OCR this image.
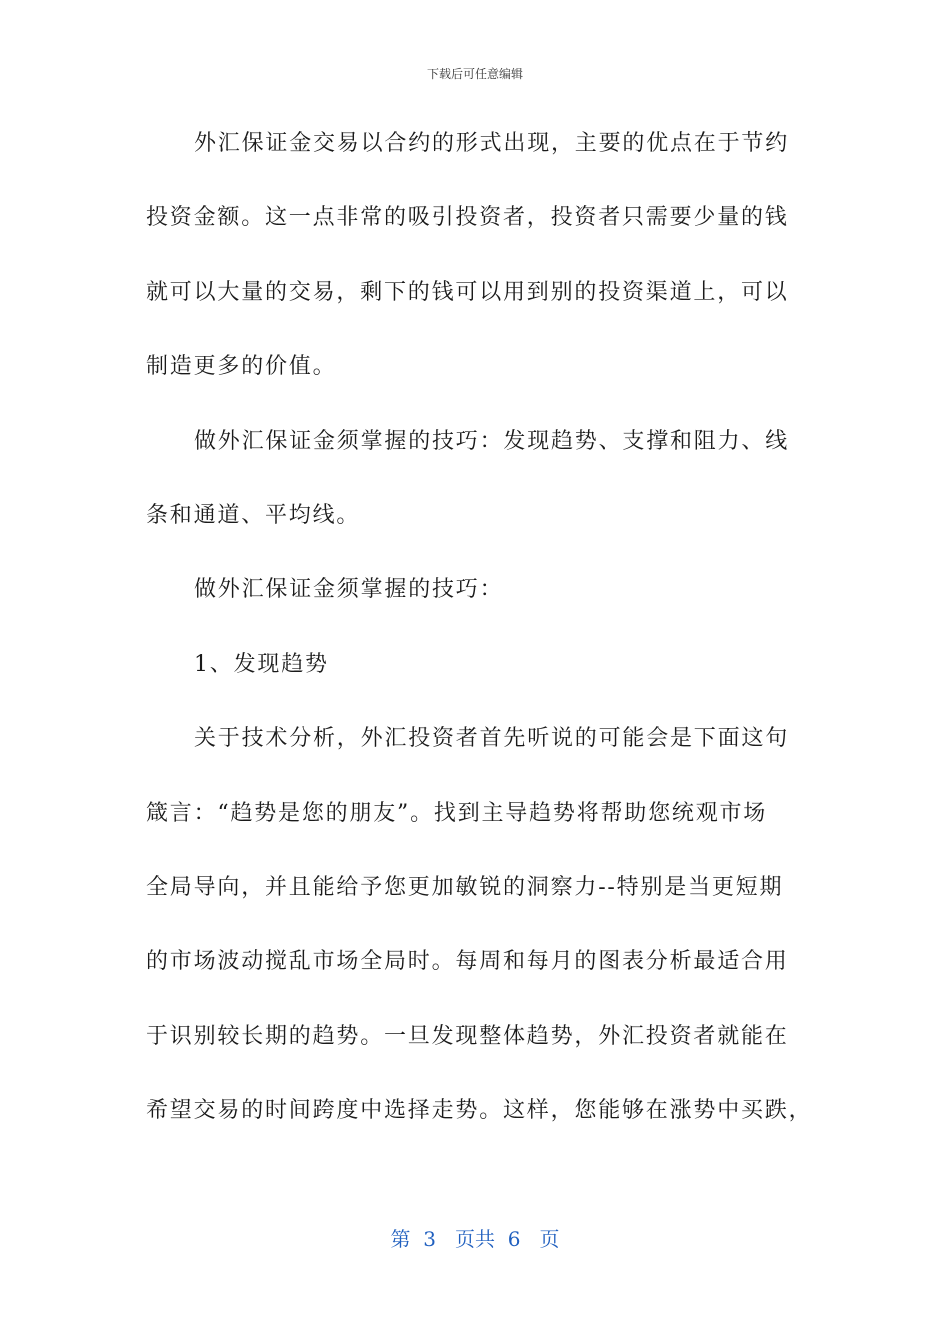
下载后可任意编辑
外汇保证金交易以合约的形式出现，主要的优点在于节约
投资金额。这一点非常的吸引投资者，投资者只需要少量的钱
就可以大量的交易，剩下的钱可以用到别的投资渠道上，可以
制造更多的价值。
做外汇保证金须掌握的技巧：发现趋势、支撑和阻力、线
条和通道、平均线。
做外汇保证金须掌握的技巧：
1、发现趋势
关于技术分析，外汇投资者首先听说的可能会是下面这句
箴言：“趋势是您的朋友”。找到主导趋势将帮助您统观市场
全局导向，并且能给予您更加敏锐的洞察力--特别是当更短期
的市场波动搅乱市场全局时。每周和每月的图表分析最适合用
于识别较长期的趋势。一旦发现整体趋势，外汇投资者就能在
希望交易的时间跨度中选择走势。这样，您能够在涨势中买跌，
第 3 页共 6 页
